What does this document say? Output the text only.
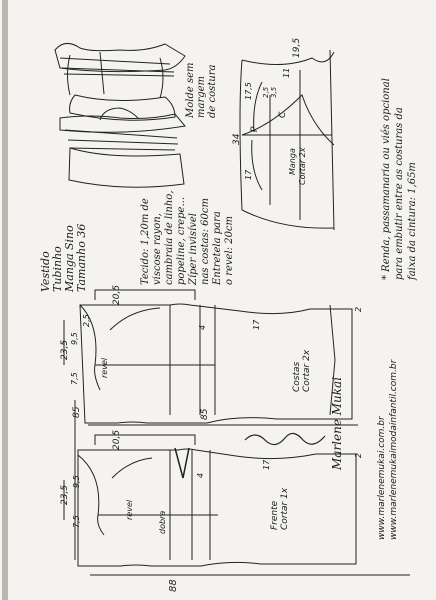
Vestido Tubinho Manga Sino Tamanho 36	Tecido: 1,20m de viscose rayon, cambraia de linho, popeline, crepe... Zíper invisível nas costas: 60cm Entretela para o revel: 20cm
Molde sem margem de costura
P
C
Manga Cortar 2x
19,5
11
34
17
17,5 2,5 3,5	* Renda, passamanaria ou viés opcional para embutir entre as costuras da faixa da cintura: 1,65m
Costas Cortar 2x
20,5
23,5
9,5
2,5
7,5
85
4	17
revel
2
Frente Cortar 1x
20,5
23,5
9,5
7,5
85
4
17
revel
dobra
2
88
Marlene Mukai	www.marlenemukai.com.br www.marlenemukaimodainfantil.com.br
